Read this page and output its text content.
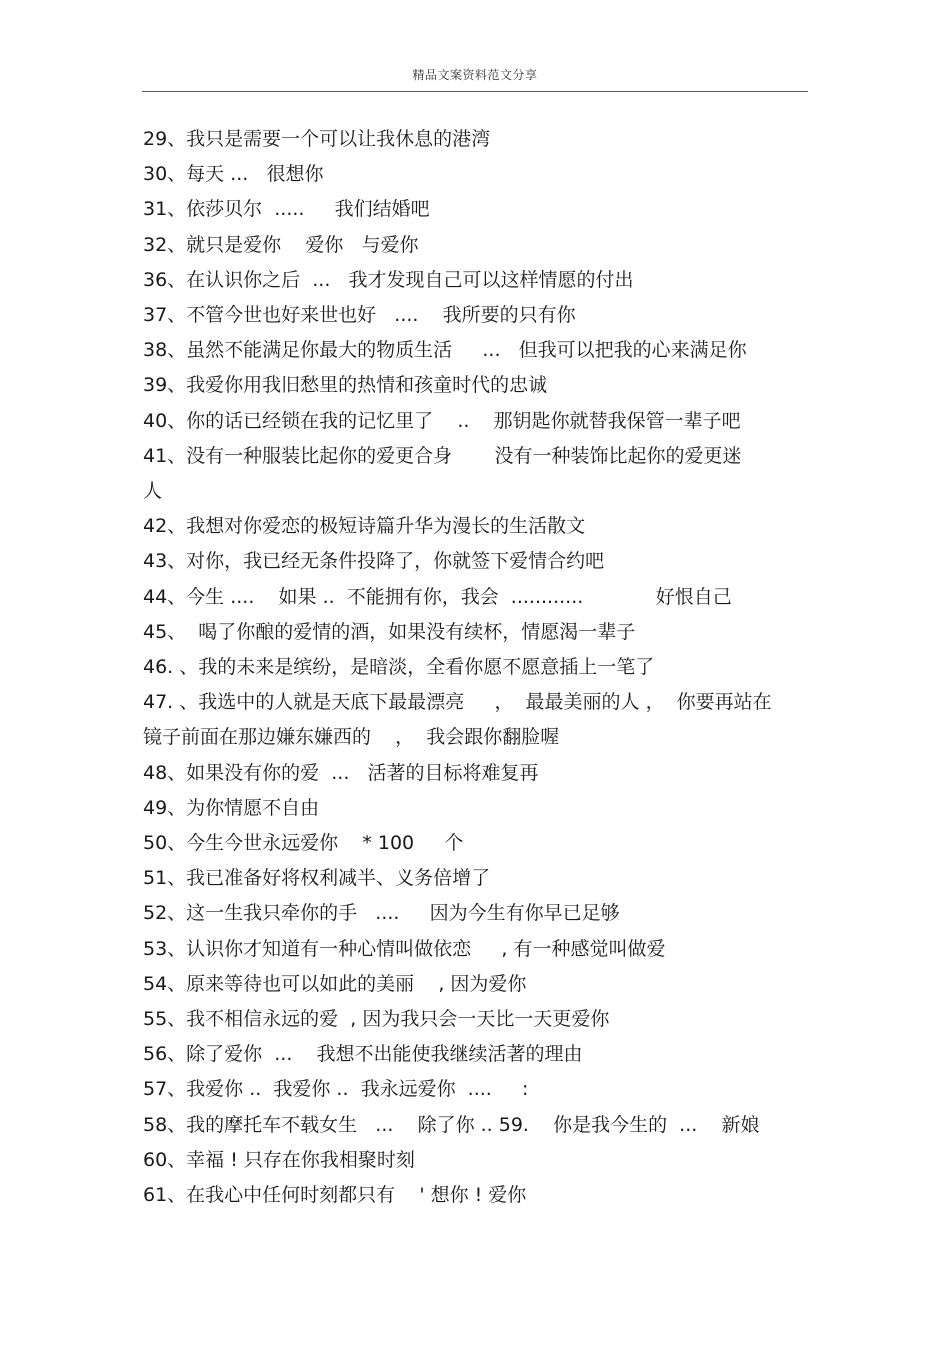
精品文案资料范文分享
29、我只是需要一个可以让我休息的港湾
30、每天 ...   很想你
31、依莎贝尔  .....     我们结婚吧
32、就只是爱你    爱你   与爱你
36、在认识你之后  ...   我才发现自己可以这样情愿的付出
37、不管今世也好来世也好   ....    我所要的只有你
38、虽然不能满足你最大的物质生活     ...   但我可以把我的心来满足你
39、我爱你用我旧愁里的热情和孩童时代的忠诚
40、你的话已经锁在我的记忆里了    ..    那钥匙你就替我保管一辈子吧
41、没有一种服装比起你的爱更合身       没有一种装饰比起你的爱更迷
人
42、我想对你爱恋的极短诗篇升华为漫长的生活散文
43、对你，我已经无条件投降了，你就签下爱情合约吧
44、今生 ....    如果 ..  不能拥有你，我会  ............            好恨自己
45、  喝了你酿的爱情的酒，如果没有续杯，情愿渴一辈子
46. 、我的未来是缤纷，是暗淡，全看你愿不愿意插上一笔了
47. 、我选中的人就是天底下最最漂亮     ，  最最美丽的人 ，  你要再站在
镜子前面在那边嫌东嫌西的    ，  我会跟你翻脸喔
48、如果没有你的爱  ...   活著的目标将难复再
49、为你情愿不自由
50、今生今世永远爱你    * 100     个
51、我已准备好将权利减半、义务倍增了
52、这一生我只牵你的手   ....     因为今生有你早已足够
53、认识你才知道有一种心情叫做依恋     , 有一种感觉叫做爱
54、原来等待也可以如此的美丽    , 因为爱你
55、我不相信永远的爱  , 因为我只会一天比一天更爱你
56、除了爱你  ...    我想不出能使我继续活著的理由
57、我爱你 ..  我爱你 ..  我永远爱你  ....     :
58、我的摩托车不载女生   ...    除了你 .. 59.    你是我今生的  ...    新娘
60、幸福 ! 只存在你我相聚时刻
61、在我心中任何时刻都只有    ' 想你 ! 爱你
